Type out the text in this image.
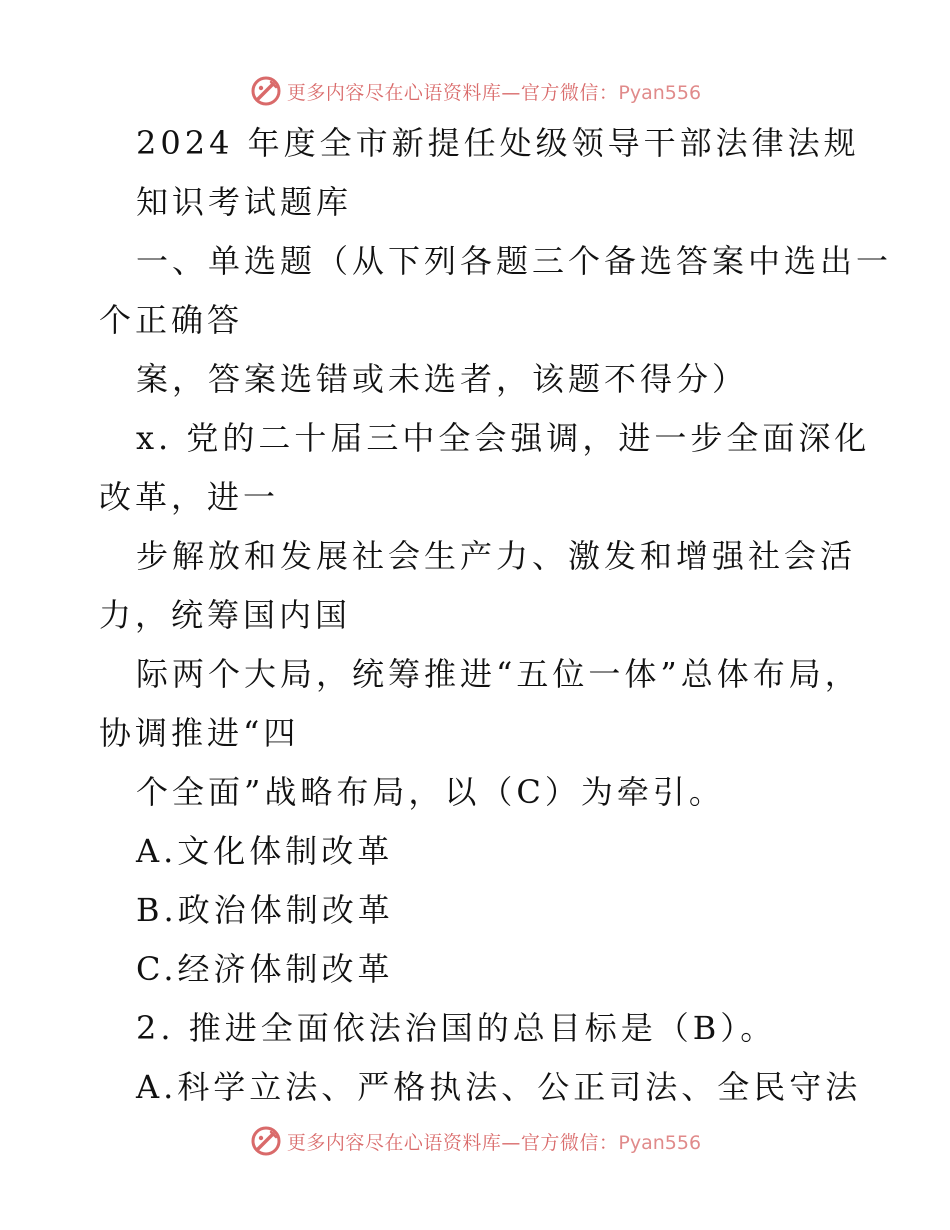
更多内容尽在心语资料库—官方微信：Pyan556
2024 年度全市新提任处级领导干部法律法规
知识考试题库
一、单选题（从下列各题三个备选答案中选出一
个正确答
案，答案选错或未选者，该题不得分）
x. 党的二十届三中全会强调，进一步全面深化
改革，进一
步解放和发展社会生产力、激发和增强社会活
力，统筹国内国
际两个大局，统筹推进“五位一体”总体布局，
协调推进“四
个全面”战略布局，以（C）为牵引。
A.文化体制改革
B.政治体制改革
C.经济体制改革
2. 推进全面依法治国的总目标是（B）。
A.科学立法、严格执法、公正司法、全民守法
更多内容尽在心语资料库—官方微信：Pyan556
